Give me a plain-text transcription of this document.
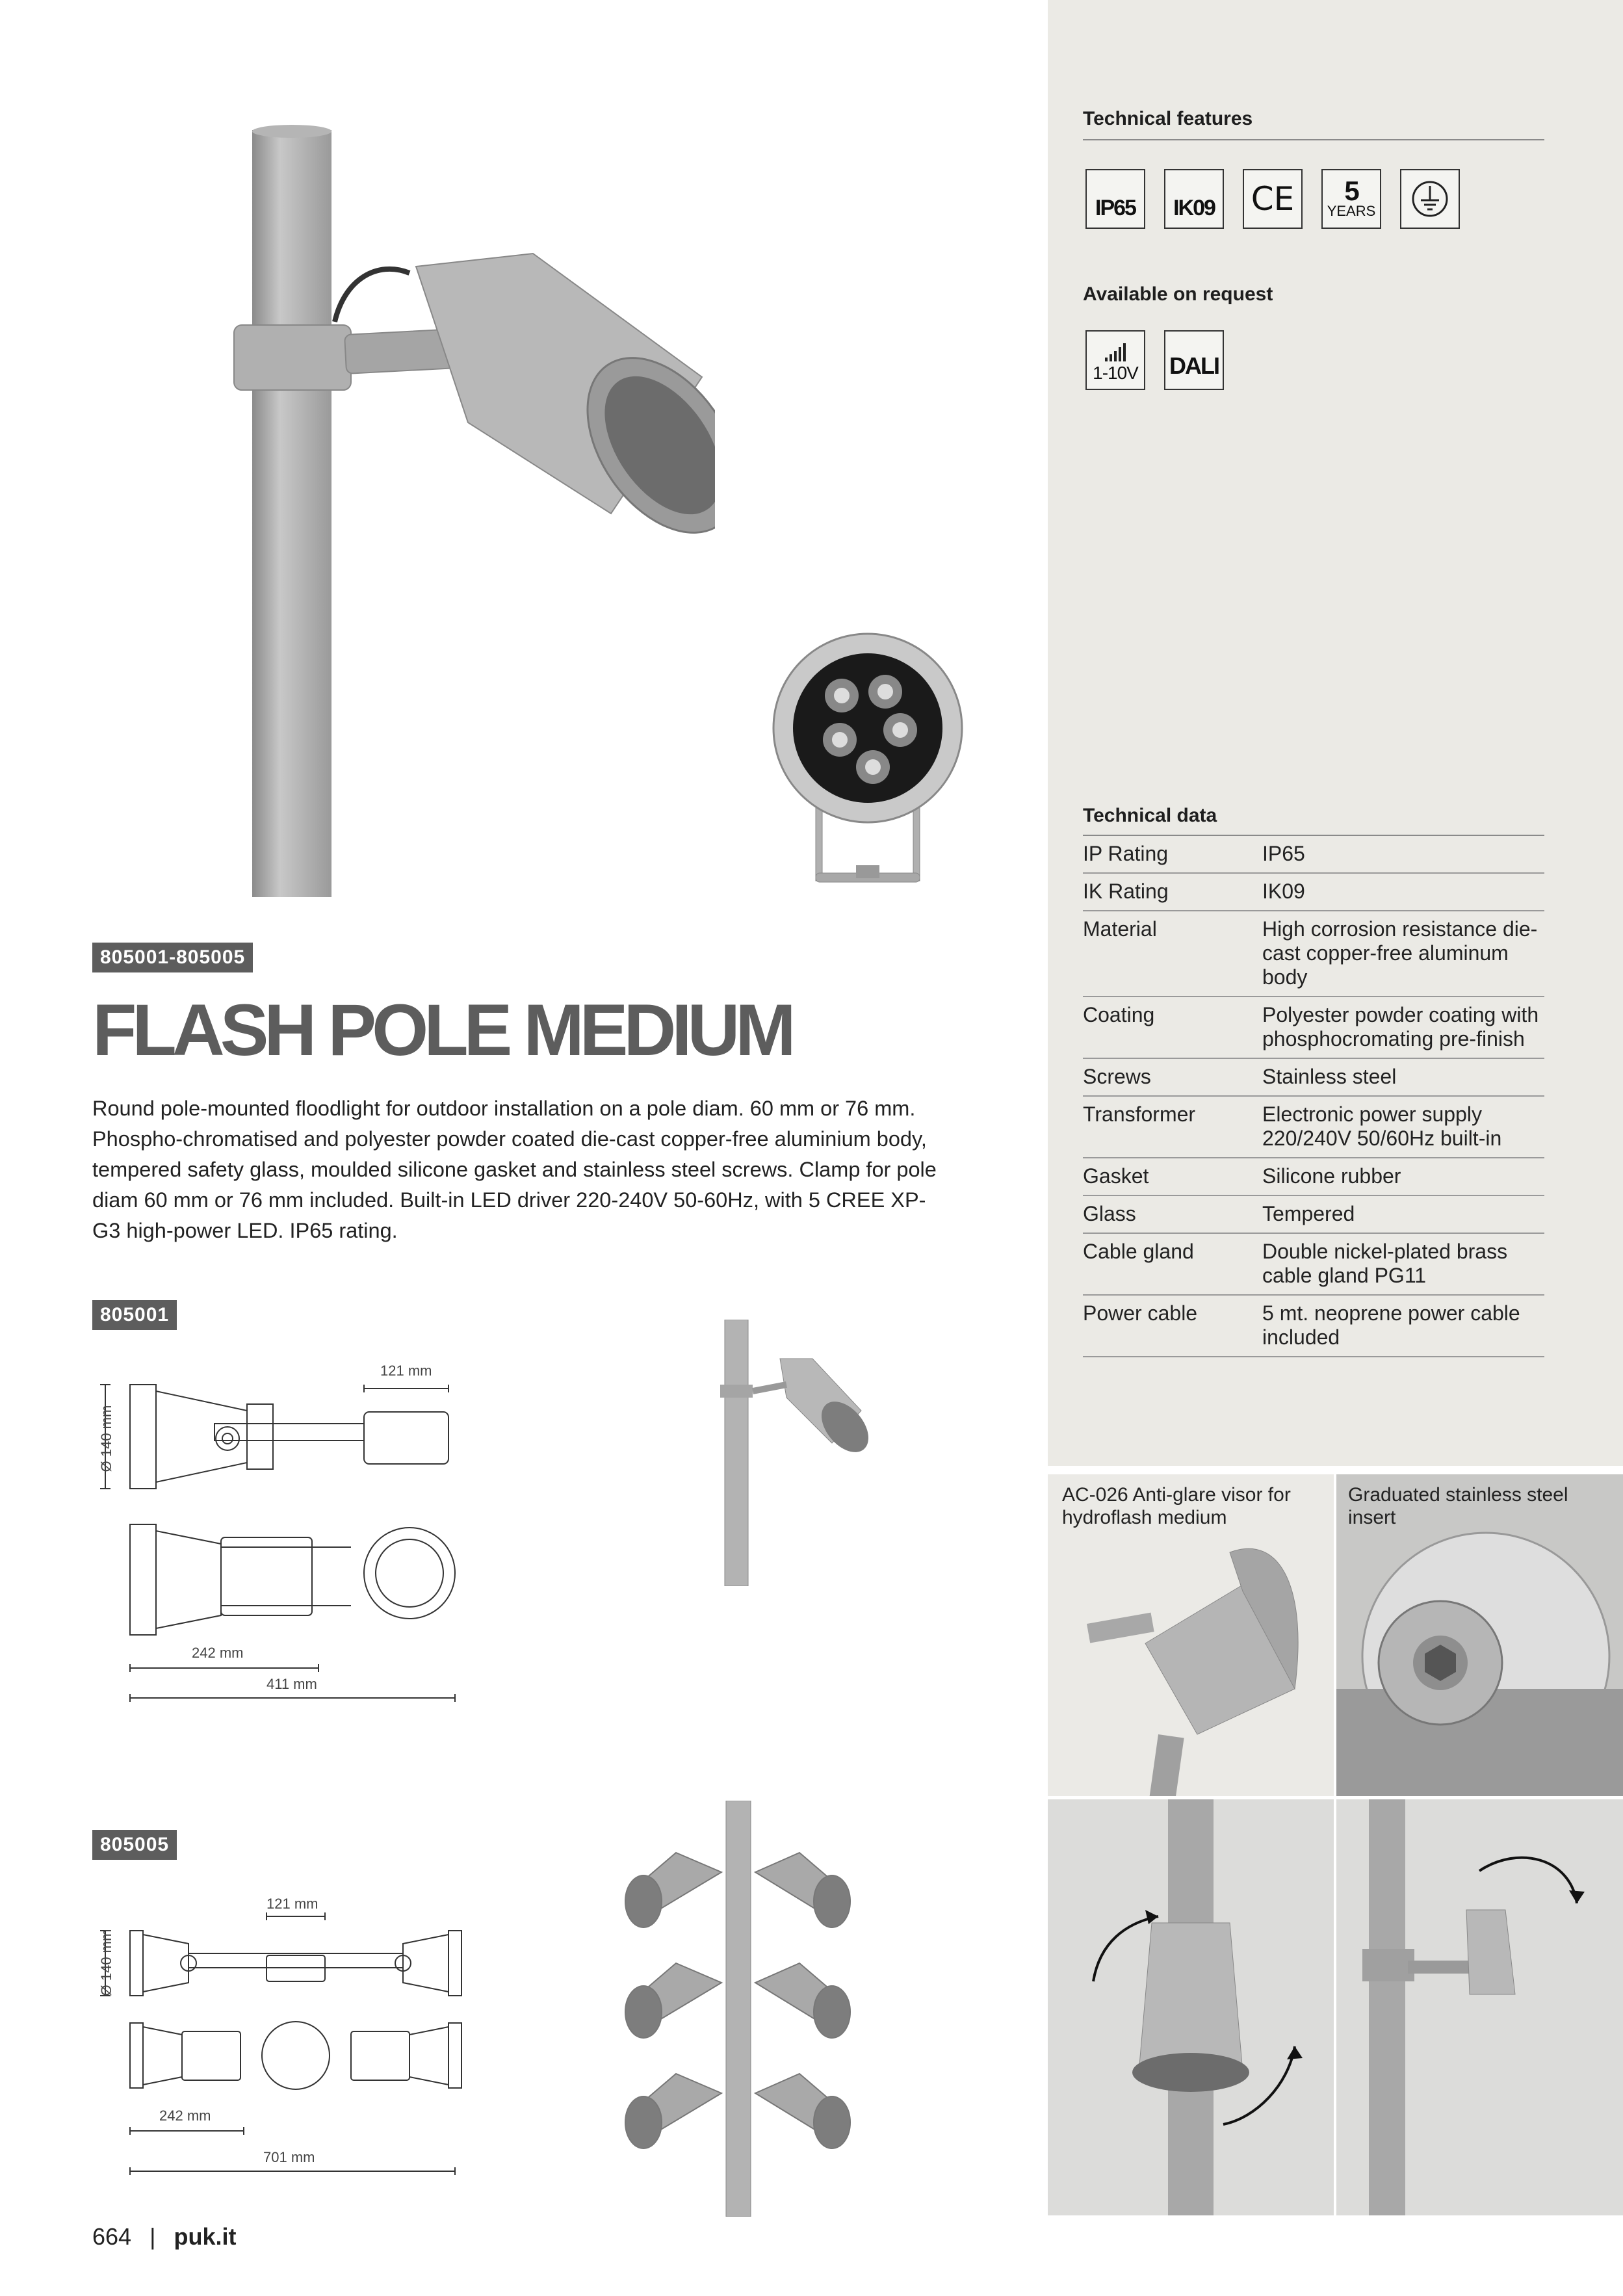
Technical features
IP65 IK09 CE 5
YEARS
Available on request
1-10V DALI
Technical data
IP Rating	IP65
IK Rating	IK09
Material	High corrosion resistance die-cast copper-free aluminum body
Coating	Polyester powder coating with phosphocromating pre-finish
Screws	Stainless steel
Transformer	Electronic power supply 220/240V 50/60Hz built-in
Gasket	Silicone rubber
Glass	Tempered
Cable gland	Double nickel-plated brass cable gland PG11
Power cable	5 mt. neoprene power cable included
805001-805005
FLASH POLE MEDIUM
Round pole-mounted floodlight for outdoor installation on a pole diam. 60 mm or 76 mm. Phospho-chromatised and polyester powder coated die-cast copper-free aluminium body, tempered safety glass, moulded silicone gasket and stainless steel screws. Clamp for pole diam 60 mm or 76 mm included. Built-in LED driver 220-240V 50-60Hz, with 5 CREE XP-G3 high-power LED. IP65 rating.
805001
121 mm
Ø 140 mm
242 mm
411 mm
805005
121 mm
Ø 140 mm
242 mm
701 mm
AC-026 Anti-glare visor for hydroflash medium
Graduated stainless steel insert
664 | puk.it
